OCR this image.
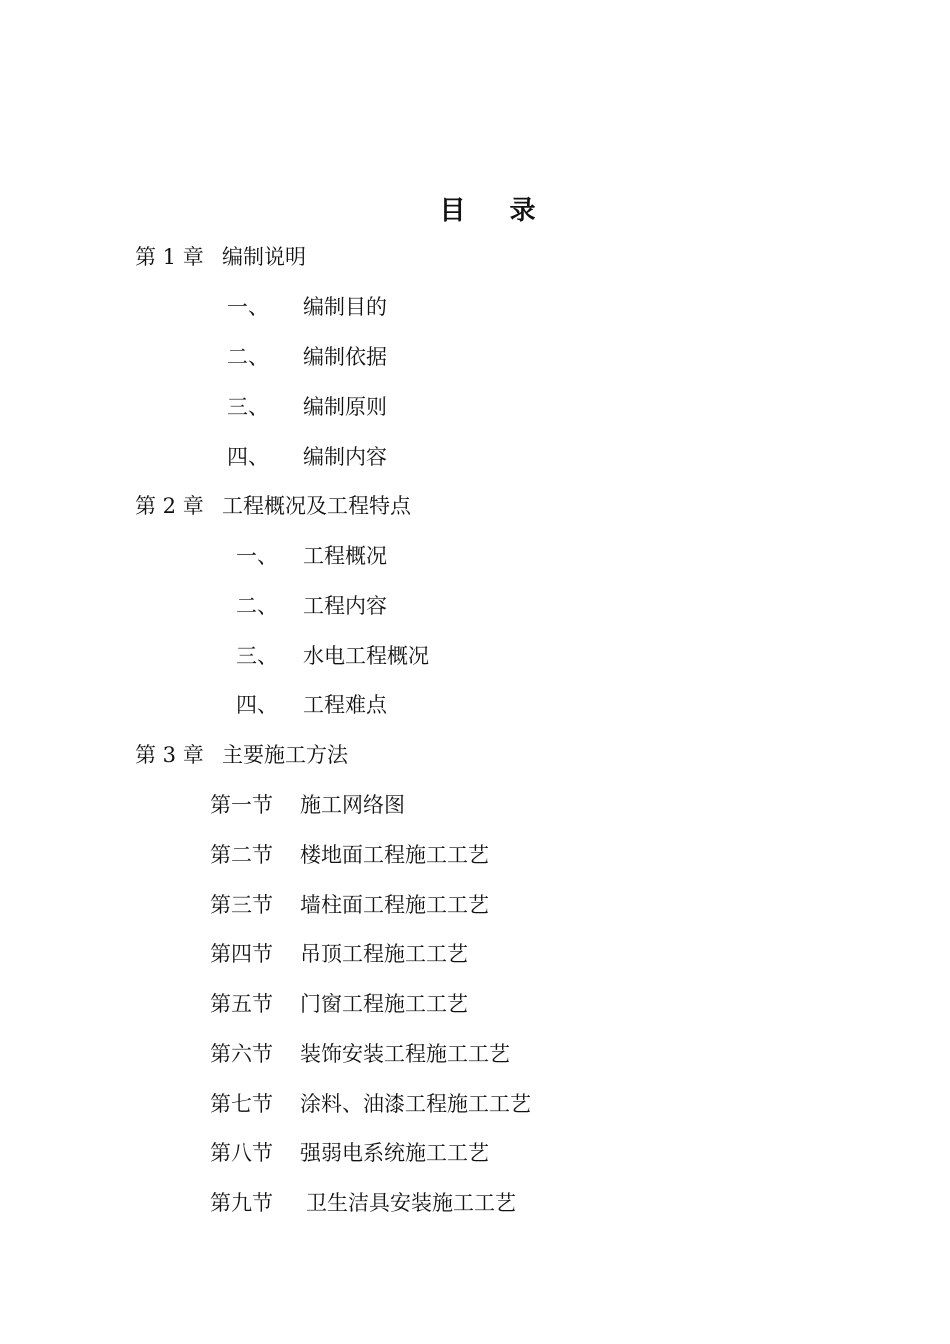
目 录
第 1 章 编制说明
一、 编制目的
二、 编制依据
三、 编制原则
四、 编制内容
第 2 章 工程概况及工程特点
一、 工程概况
二、 工程内容
三、 水电工程概况
四、 工程难点
第 3 章 主要施工方法
第一节 施工网络图
第二节 楼地面工程施工工艺
第三节 墙柱面工程施工工艺
第四节 吊顶工程施工工艺
第五节 门窗工程施工工艺
第六节 装饰安装工程施工工艺
第七节 涂料、油漆工程施工工艺
第八节 强弱电系统施工工艺
第九节 卫生洁具安装施工工艺
